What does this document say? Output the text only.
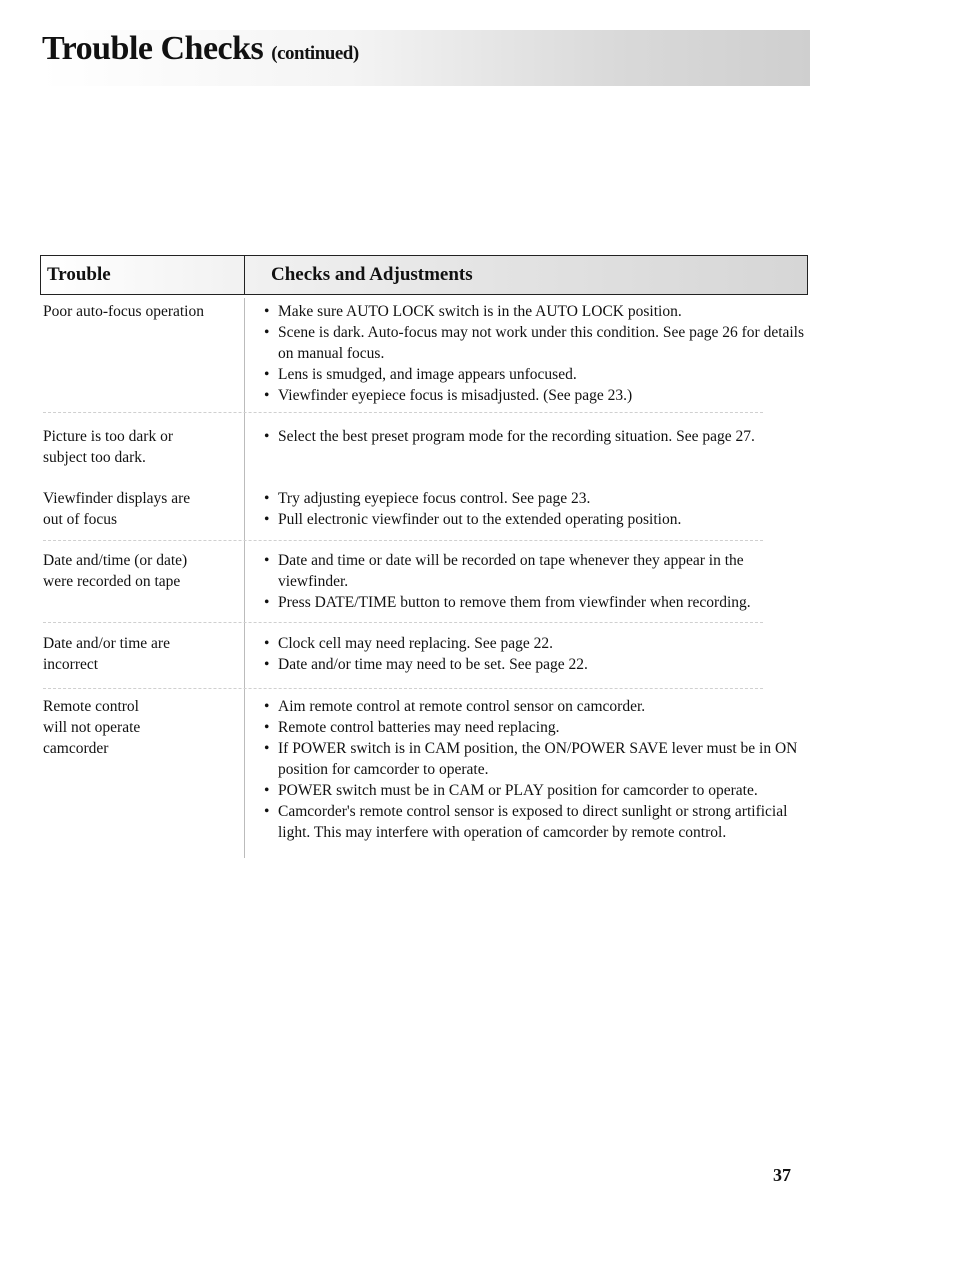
Trouble Checks (continued)
Trouble	Checks and Adjustments
Poor auto-focus operation
•	Make sure AUTO LOCK switch is in the AUTO LOCK position.
• Scene is dark. Auto-focus may not work under this condition. See page 26 for details on manual focus.
• Lens is smudged, and image appears unfocused.
• Viewfinder eyepiece focus is misadjusted. (See page 23.)
Picture is too dark or
subject too dark.
• Select the best preset program mode for the recording situation. See page 27.
Viewfinder displays are
out of focus
• Try adjusting eyepiece focus control. See page 23.
• Pull electronic viewfinder out to the extended operating position.
Date and/time (or date)
were recorded on tape
• Date and time or date will be recorded on tape whenever they appear in the viewfinder.
• Press DATE/TIME button to remove them from viewfinder when recording.
Date and/or time are
incorrect
• Clock cell may need replacing. See page 22.
• Date and/or time may need to be set. See page 22.
Remote control
will not operate
camcorder
• Aim remote control at remote control sensor on camcorder.
• Remote control batteries may need replacing.
• If POWER switch is in CAM position, the ON/POWER SAVE lever must be in ON position for camcorder to operate.
• POWER switch must be in CAM or PLAY position for camcorder to operate.
• Camcorder's remote control sensor is exposed to direct sunlight or strong artificial light. This may interfere with operation of camcorder by remote control.
37
